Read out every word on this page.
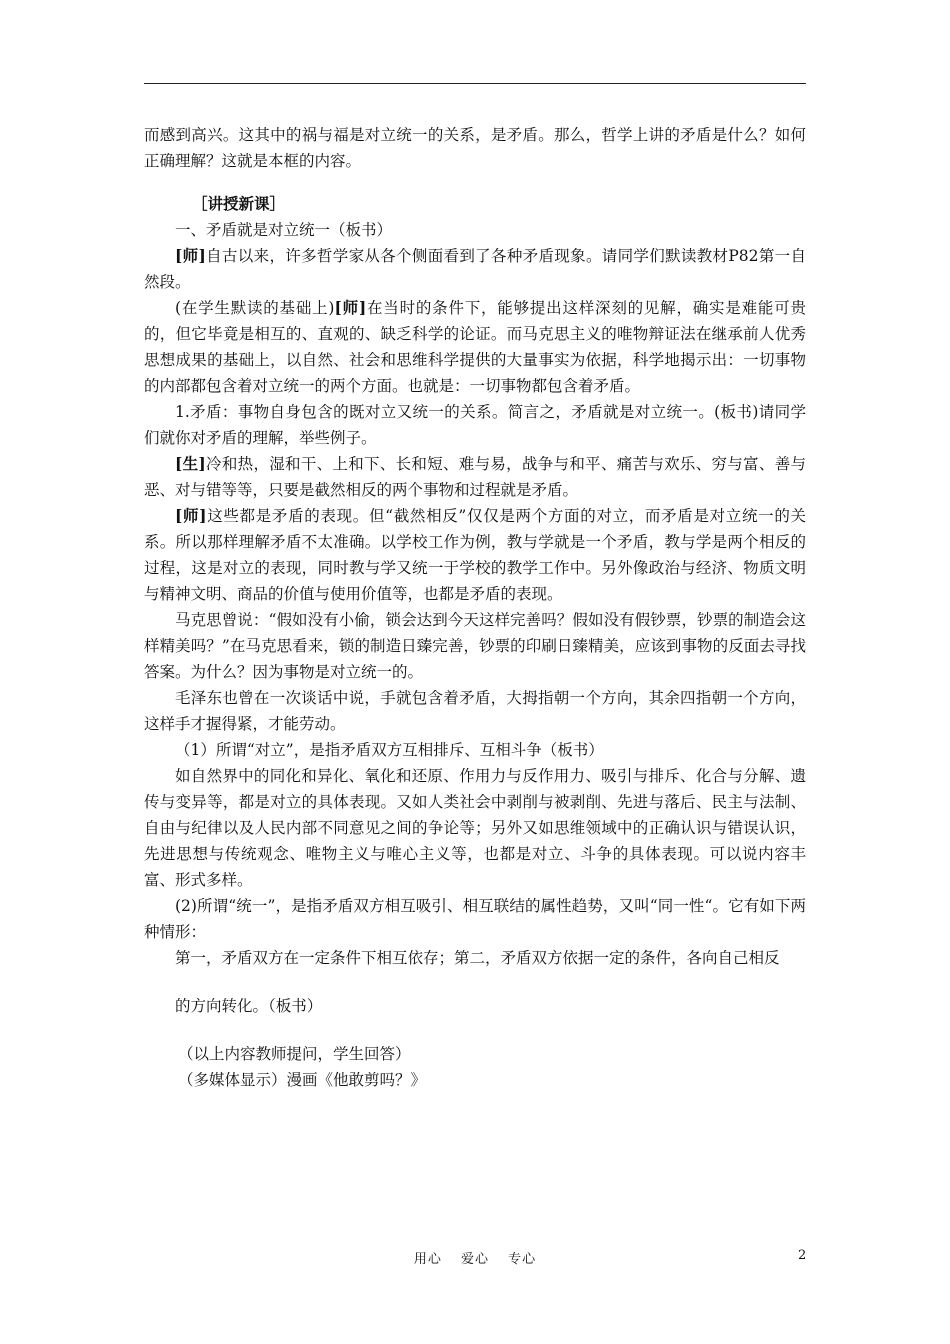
而感到高兴。这其中的祸与福是对立统一的关系，是矛盾。那么，哲学上讲的矛盾是什么？如何正确理解？这就是本框的内容。

［讲授新课］

一、矛盾就是对立统一（板书）

[师]自古以来，许多哲学家从各个侧面看到了各种矛盾现象。请同学们默读教材P82第一自然段。

(在学生默读的基础上)[师]在当时的条件下，能够提出这样深刻的见解，确实是难能可贵的，但它毕竟是相互的、直观的、缺乏科学的论证。而马克思主义的唯物辩证法在继承前人优秀思想成果的基础上，以自然、社会和思维科学提供的大量事实为依据，科学地揭示出：一切事物的内部都包含着对立统一的两个方面。也就是：一切事物都包含着矛盾。

1.矛盾：事物自身包含的既对立又统一的关系。简言之，矛盾就是对立统一。(板书)请同学们就你对矛盾的理解，举些例子。

[生]冷和热，湿和干、上和下、长和短、难与易，战争与和平、痛苦与欢乐、穷与富、善与恶、对与错等等，只要是截然相反的两个事物和过程就是矛盾。

[师]这些都是矛盾的表现。但“截然相反”仅仅是两个方面的对立，而矛盾是对立统一的关系。所以那样理解矛盾不太准确。以学校工作为例，教与学就是一个矛盾，教与学是两个相反的过程，这是对立的表现，同时教与学又统一于学校的教学工作中。另外像政治与经济、物质文明与精神文明、商品的价值与使用价值等，也都是矛盾的表现。

马克思曾说：“假如没有小偷，锁会达到今天这样完善吗？假如没有假钞票，钞票的制造会这样精美吗？”在马克思看来，锁的制造日臻完善，钞票的印刷日臻精美，应该到事物的反面去寻找答案。为什么？因为事物是对立统一的。

毛泽东也曾在一次谈话中说，手就包含着矛盾，大拇指朝一个方向，其余四指朝一个方向，这样手才握得紧，才能劳动。

（1）所谓“对立”，是指矛盾双方互相排斥、互相斗争（板书）

如自然界中的同化和异化、氧化和还原、作用力与反作用力、吸引与排斥、化合与分解、遗传与变异等，都是对立的具体表现。又如人类社会中剥削与被剥削、先进与落后、民主与法制、自由与纪律以及人民内部不同意见之间的争论等；另外又如思维领域中的正确认识与错误认识，先进思想与传统观念、唯物主义与唯心主义等，也都是对立、斗争的具体表现。可以说内容丰富、形式多样。

(2)所谓“统一”，是指矛盾双方相互吸引、相互联结的属性趋势，又叫“同一性“。它有如下两种情形：

第一，矛盾双方在一定条件下相互依存；第二，矛盾双方依据一定的条件，各向自己相反

的方向转化。（板书）

（以上内容教师提问，学生回答）

（多媒体显示）漫画《他敢剪吗？》

用心　 爱心　 专心	2
